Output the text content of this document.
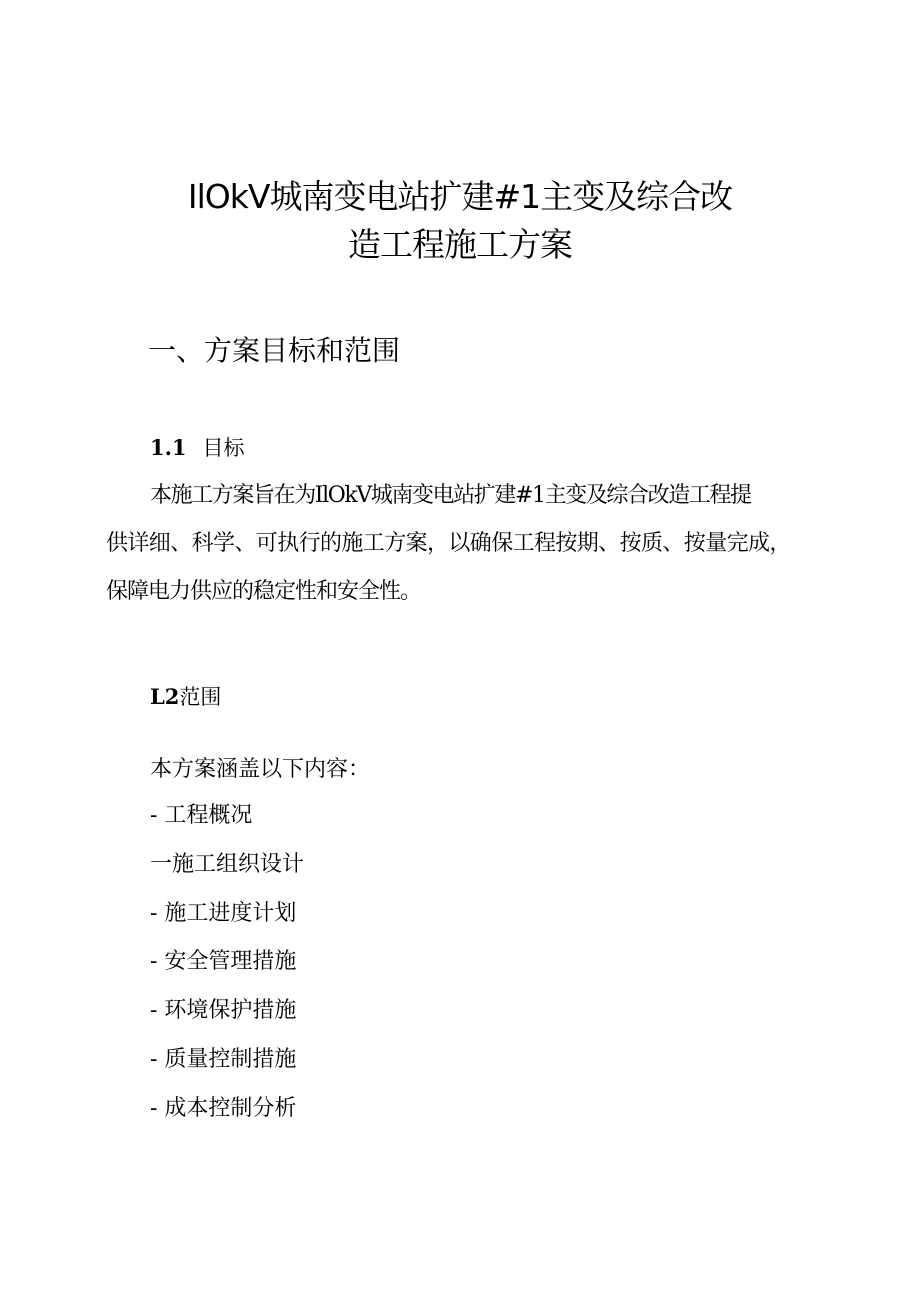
IlOkV城南变电站扩建#1主变及综合改
造工程施工方案
一、方案目标和范围
1.1 目标
本施工方案旨在为IlOkV城南变电站扩建#1主变及综合改造工程提
供详细、科学、可执行的施工方案，以确保工程按期、按质、按量完成，
保障电力供应的稳定性和安全性。
L2范围
本方案涵盖以下内容：
- 工程概况
一施工组织设计
- 施工进度计划
- 安全管理措施
- 环境保护措施
- 质量控制措施
- 成本控制分析
